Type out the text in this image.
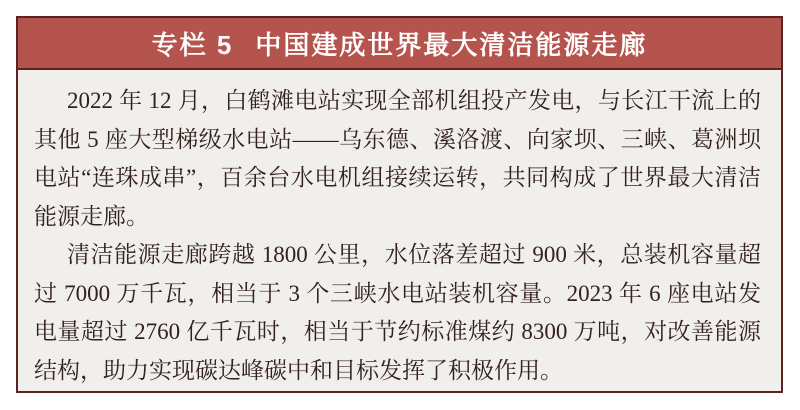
专栏 5 中国建成世界最大清洁能源走廊

2022 年 12 月，白鹤滩电站实现全部机组投产发电，与长江干流上的其他 5 座大型梯级水电站——乌东德、溪洛渡、向家坝、三峡、葛洲坝电站“连珠成串”，百余台水电机组接续运转，共同构成了世界最大清洁能源走廊。

清洁能源走廊跨越 1800 公里，水位落差超过 900 米，总装机容量超过 7000 万千瓦，相当于 3 个三峡水电站装机容量。2023 年 6 座电站发电量超过 2760 亿千瓦时，相当于节约标准煤约 8300 万吨，对改善能源结构，助力实现碳达峰碳中和目标发挥了积极作用。
